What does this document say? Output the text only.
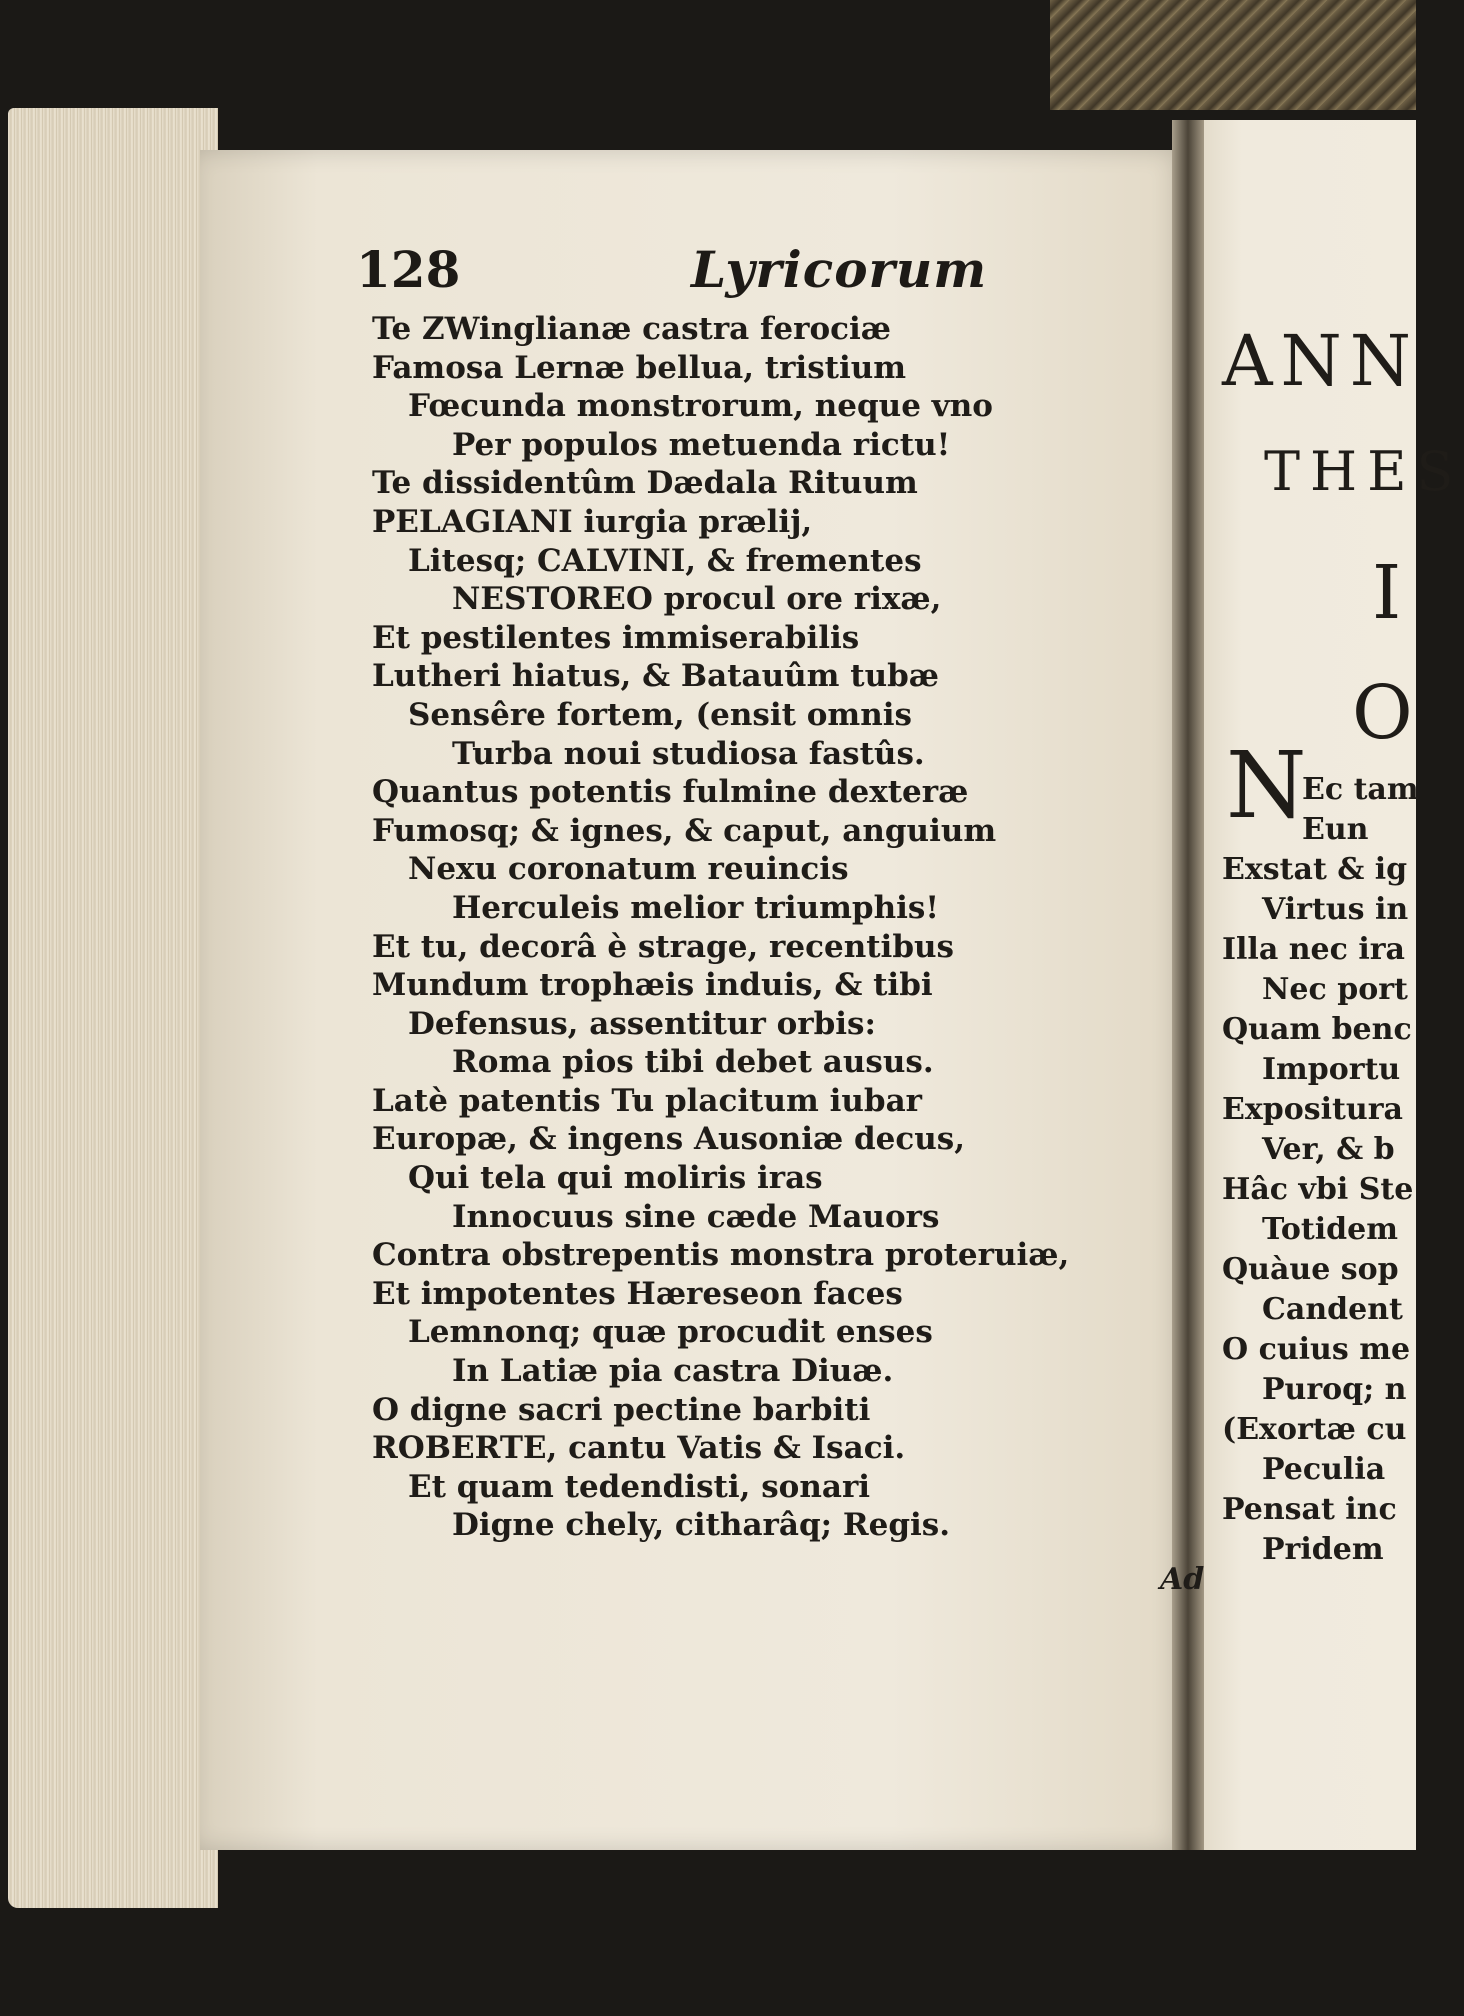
128	Lyricorum
Te ZWinglianæ castra ferociæ
Famosa Lernæ bellua, tristium
Fœcunda monstrorum, neque vno
Per populos metuenda rictu!
Te dissidentûm Dædala Rituum
PELAGIANI iurgia prælij,
Litesq; CALVINI, & frementes
NESTOREO procul ore rixæ,
Et pestilentes immiserabilis
Lutheri hiatus, & Batauûm tubæ
Sensêre fortem, (ensit omnis
Turba noui studiosa fastûs.
Quantus potentis fulmine dexteræ
Fumosq; & ignes, & caput, anguium
Nexu coronatum reuincis
Herculeis melior triumphis!
Et tu, decorâ è strage, recentibus
Mundum trophæis induis, & tibi
Defensus, assentitur orbis:
Roma pios tibi debet ausus.
Latè patentis Tu placitum iubar
Europæ, & ingens Ausoniæ decus,
Qui tela qui moliris iras
Innocuus sine cæde Mauors
Contra obstrepentis monstra proteruiæ,
Et impotentes Hæreseon faces
Lemnonq; quæ procudit enses
In Latiæ pia castra Diuæ.
O digne sacri pectine barbiti
ROBERTE, cantu Vatis & Isaci.
Et quam tedendisti, sonari
Digne chely, citharâq; Regis.
Ad
ANN
THES
I
O
N
Ec tam
Eun
Exstat & ig
Virtus in
Illa nec ira
Nec port
Quam benc
Importu
Expositura
Ver, & b
Hâc vbi Ste
Totidem
Quàue sop
Candent
O cuius me
Puroq; n
(Exortæ cu
Peculia
Pensat inc
Pridem
